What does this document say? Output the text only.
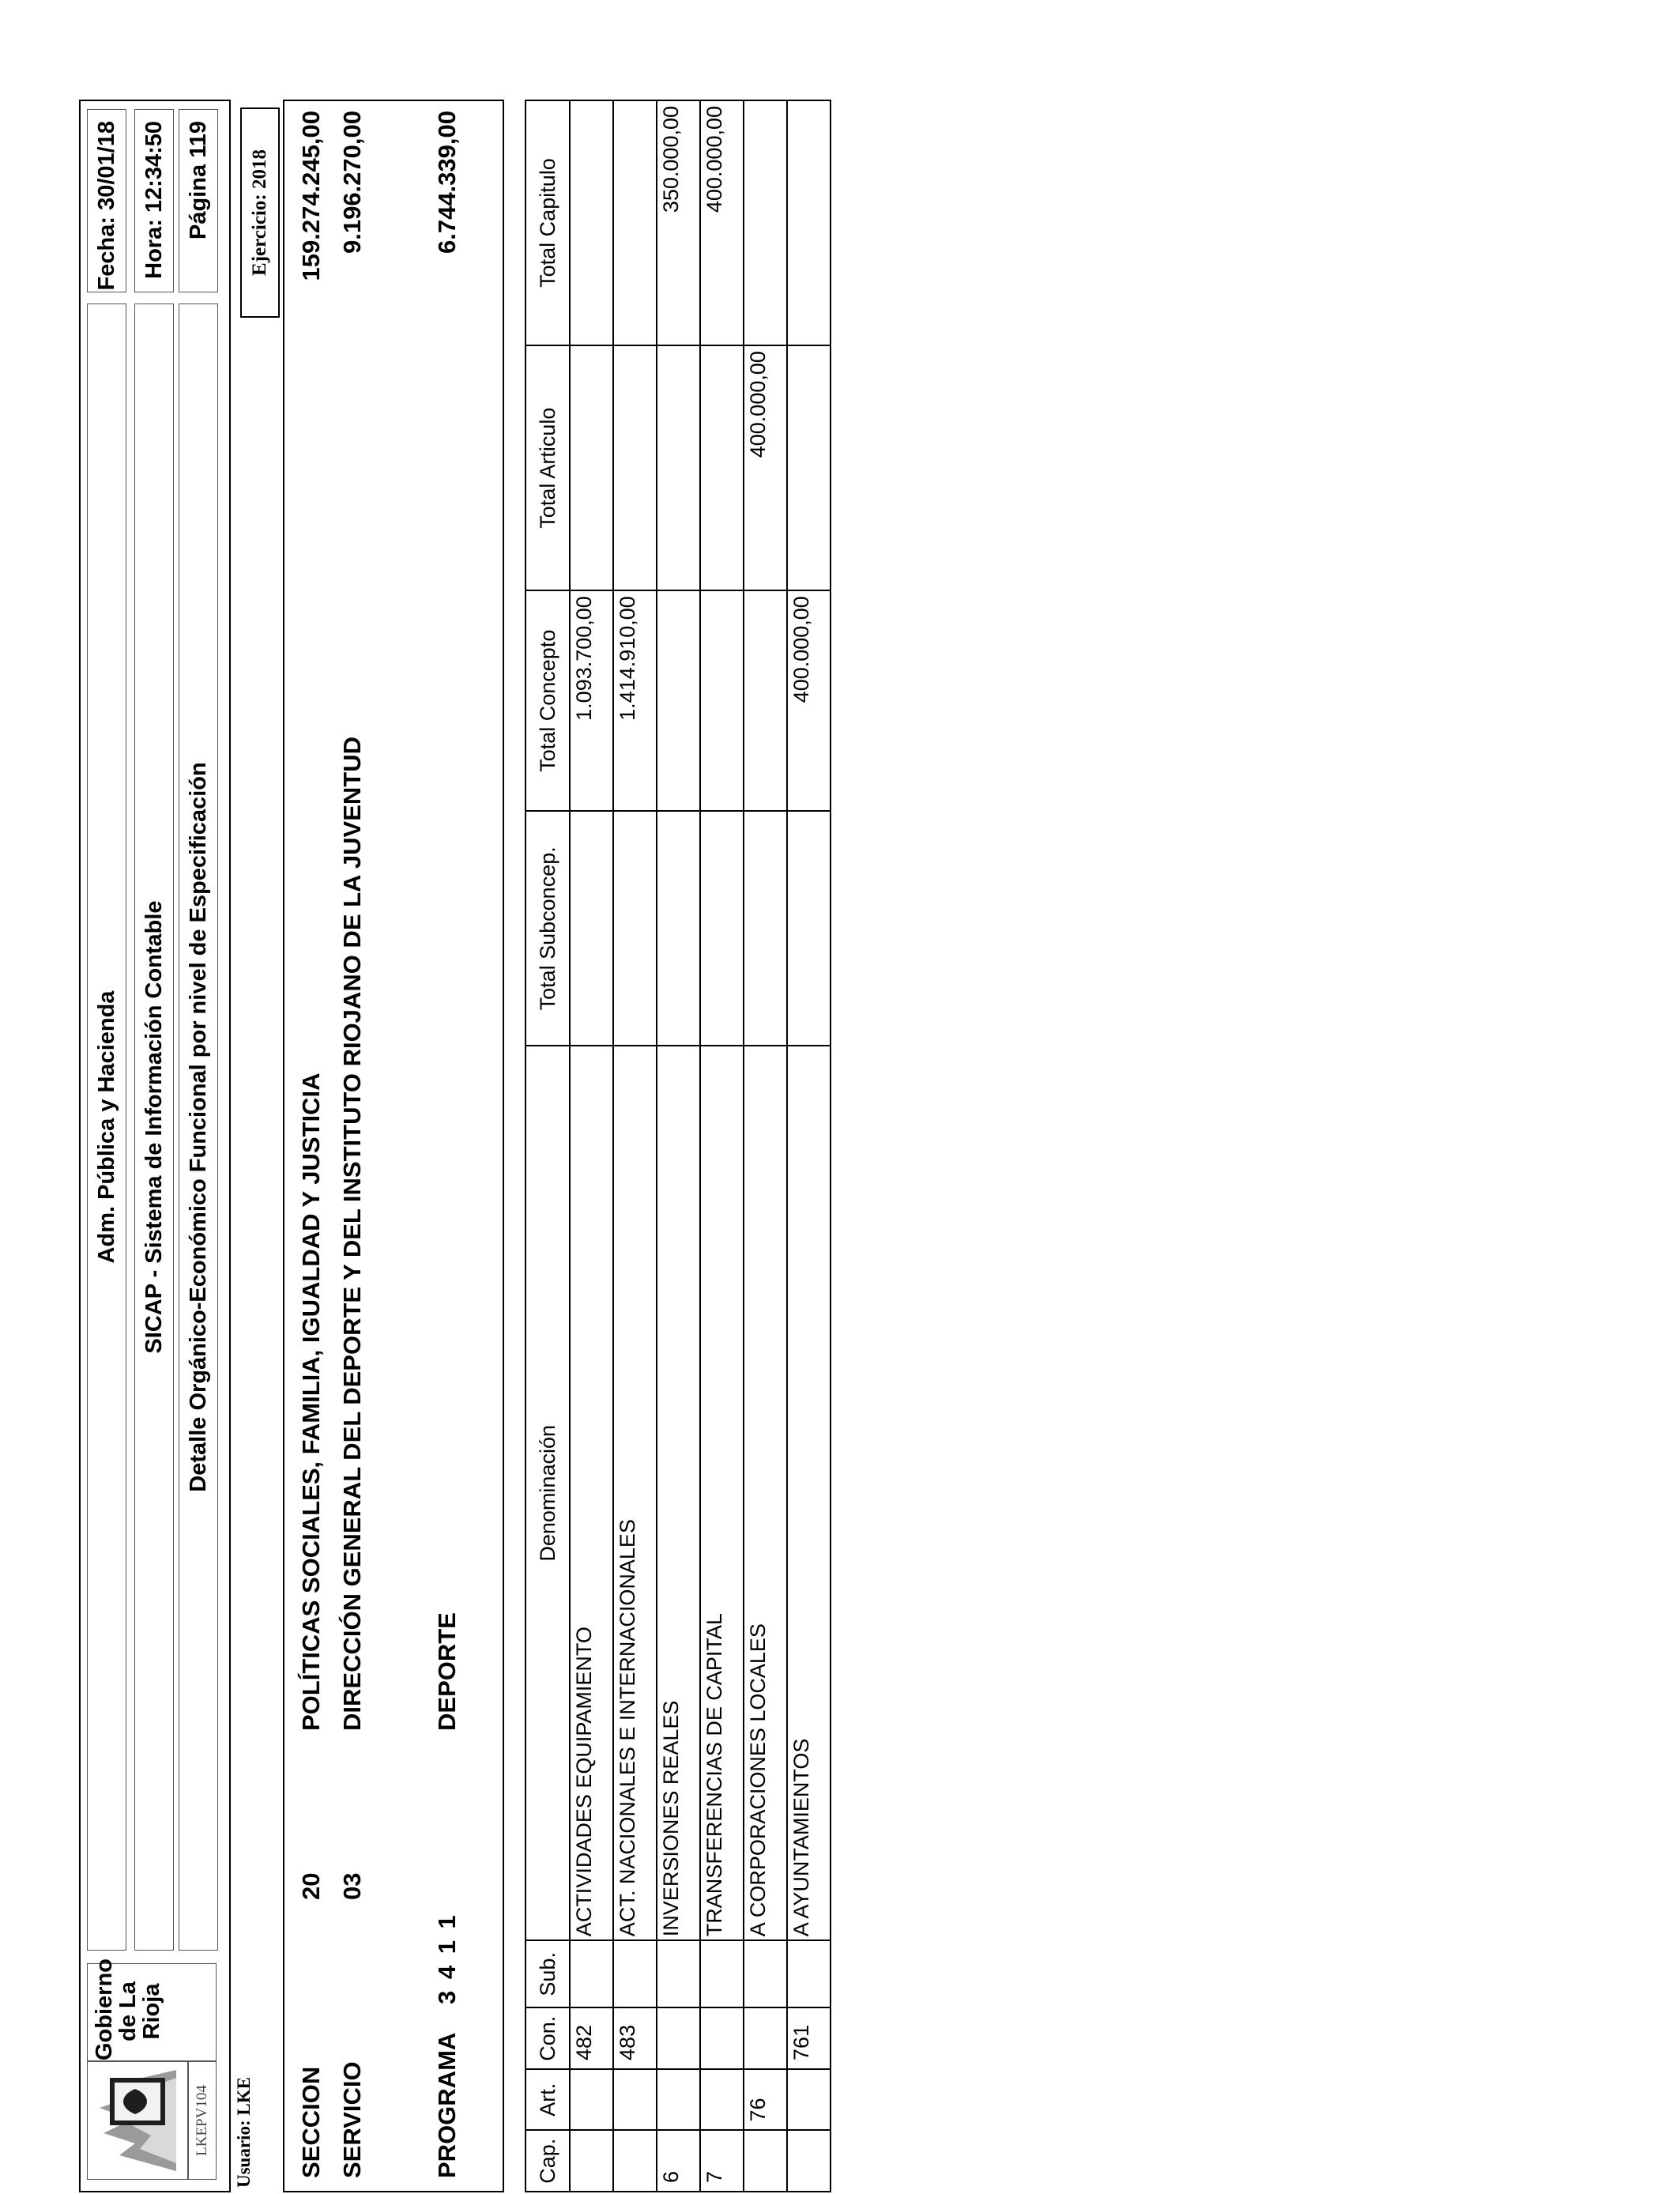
LKEPV104
Gobierno
de La
Rioja
Adm. Pública y Hacienda SICAP - Sistema de Información Contable Detalle Orgánico-Económico Funcional por nivel de Especificación
Fecha: 30/01/18 Hora: 12:34:50 Página 119
Usuario: LKE
Ejercicio: 2018
SECCION
20
POLÍTICAS SOCIALES, FAMILIA, IGUALDAD Y JUSTICIA
159.274.245,00
SERVICIO
03
DIRECCIÓN GENERAL DEL DEPORTE Y DEL INSTITUTO RIOJANO DE LA JUVENTUD
9.196.270,00
PROGRAMA
3 4 1 1
DEPORTE
6.744.339,00
Cap.	Art.	Con.	Sub.	Denominación	Total Subconcep.	Total Concepto	Total Articulo	Total Capitulo
		482		ACTIVIDADES EQUIPAMIENTO		1.093.700,00		
		483		ACT. NACIONALES E INTERNACIONALES		1.414.910,00		
6				INVERSIONES REALES				350.000,00
7				TRANSFERENCIAS DE CAPITAL				400.000,00
	76			A CORPORACIONES LOCALES			400.000,00	
		761		A AYUNTAMIENTOS		400.000,00		
